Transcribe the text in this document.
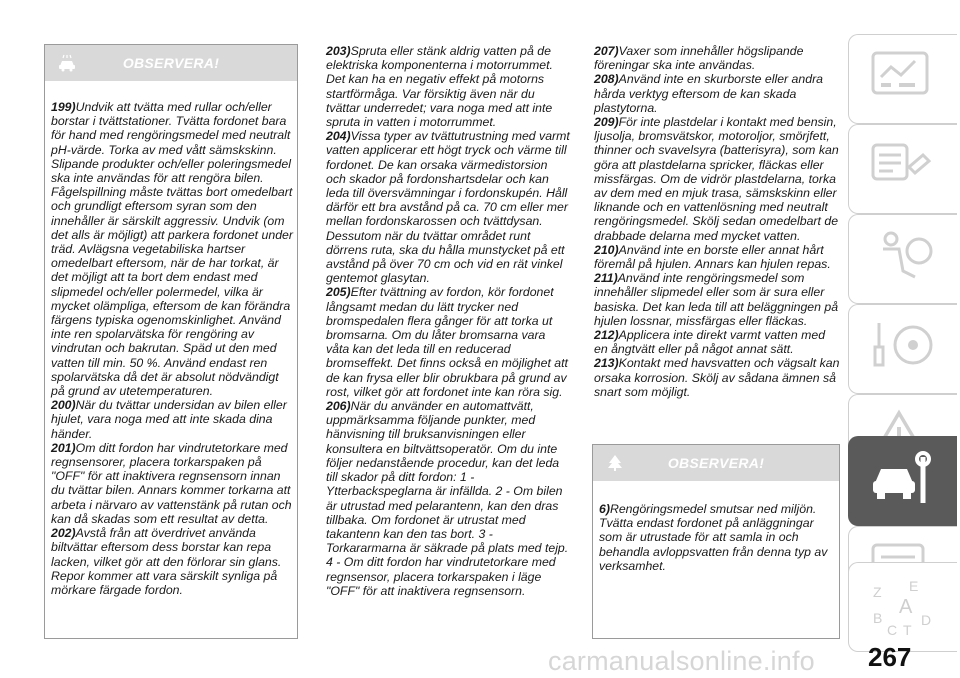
OBSERVERA!

199)Undvik att tvätta med rullar och/eller borstar i tvättstationer. Tvätta fordonet bara för hand med rengöringsmedel med neutralt pH-värde. Torka av med vått sämskskinn. Slipande produkter och/eller poleringsmedel ska inte användas för att rengöra bilen. Fågelspillning måste tvättas bort omedelbart och grundligt eftersom syran som den innehåller är särskilt aggressiv. Undvik (om det alls är möjligt) att parkera fordonet under träd. Avlägsna vegetabiliska hartser omedelbart eftersom, när de har torkat, är det möjligt att ta bort dem endast med slipmedel och/eller polermedel, vilka är mycket olämpliga, eftersom de kan förändra färgens typiska ogenomskinlighet. Använd inte ren spolarvätska för rengöring av vindrutan och bakrutan. Späd ut den med vatten till min. 50 %. Använd endast ren spolarvätska då det är absolut nödvändigt på grund av utetemperaturen.

200)När du tvättar undersidan av bilen eller hjulet, vara noga med att inte skada dina händer.

201)Om ditt fordon har vindrutetorkare med regnsensorer, placera torkarspaken på "OFF" för att inaktivera regnsensorn innan du tvättar bilen. Annars kommer torkarna att arbeta i närvaro av vattenstänk på rutan och kan då skadas som ett resultat av detta.

202)Avstå från att överdrivet använda biltvättar eftersom dess borstar kan repa lacken, vilket gör att den förlorar sin glans. Repor kommer att vara särskilt synliga på mörkare färgade fordon.

203)Spruta eller stänk aldrig vatten på de elektriska komponenterna i motorrummet. Det kan ha en negativ effekt på motorns startförmåga. Var försiktig även när du tvättar underredet; vara noga med att inte spruta in vatten i motorrummet.

204)Vissa typer av tvättutrustning med varmt vatten applicerar ett högt tryck och värme till fordonet. De kan orsaka värmedistorsion och skador på fordonshartsdelar och kan leda till översvämningar i fordonskupén. Håll därför ett bra avstånd på ca. 70 cm eller mer mellan fordonskarossen och tvättdysan. Dessutom när du tvättar området runt dörrens ruta, ska du hålla munstycket på ett avstånd på över 70 cm och vid en rät vinkel gentemot glasytan.

205)Efter tvättning av fordon, kör fordonet långsamt medan du lätt trycker ned bromspedalen flera gånger för att torka ut bromsarna. Om du låter bromsarna vara våta kan det leda till en reducerad bromseffekt. Det finns också en möjlighet att de kan frysa eller blir obrukbara på grund av rost, vilket gör att fordonet inte kan röra sig.

206)När du använder en automattvätt, uppmärksamma följande punkter, med hänvisning till bruksanvisningen eller konsultera en biltvättsoperatör. Om du inte följer nedanstående procedur, kan det leda till skador på ditt fordon: 1 - Ytterbackspeglarna är infällda. 2 - Om bilen är utrustad med pelarantenn, kan den dras tillbaka. Om fordonet är utrustat med takantenn kan den tas bort. 3 - Torkararmarna är säkrade på plats med tejp. 4 - Om ditt fordon har vindrutetorkare med regnsensor, placera torkarspaken i läge "OFF" för att inaktivera regnsensorn.

207)Vaxer som innehåller högslipande föreningar ska inte användas.

208)Använd inte en skurborste eller andra hårda verktyg eftersom de kan skada plastytorna.

209)För inte plastdelar i kontakt med bensin, ljusolja, bromsvätskor, motoroljor, smörjfett, thinner och svavelsyra (batterisyra), som kan göra att plastdelarna spricker, fläckas eller missfärgas. Om de vidrör plastdelarna, torka av dem med en mjuk trasa, sämskskinn eller liknande och en vattenlösning med neutralt rengöringsmedel. Skölj sedan omedelbart de drabbade delarna med mycket vatten.

210)Använd inte en borste eller annat hårt föremål på hjulen. Annars kan hjulen repas.

211)Använd inte rengöringsmedel som innehåller slipmedel eller som är sura eller basiska. Det kan leda till att beläggningen på hjulen lossnar, missfärgas eller fläckas.

212)Applicera inte direkt varmt vatten med en ångtvätt eller på något annat sätt.

213)Kontakt med havsvatten och vägsalt kan orsaka korrosion. Skölj av sådana ämnen så snart som möjligt.

OBSERVERA!

6)Rengöringsmedel smutsar ned miljön. Tvätta endast fordonet på anläggningar som är utrustade för att samla in och behandla avloppsvatten från denna typ av verksamhet.

Z E
A
B
C T
D
carmanualsonline.info 267
